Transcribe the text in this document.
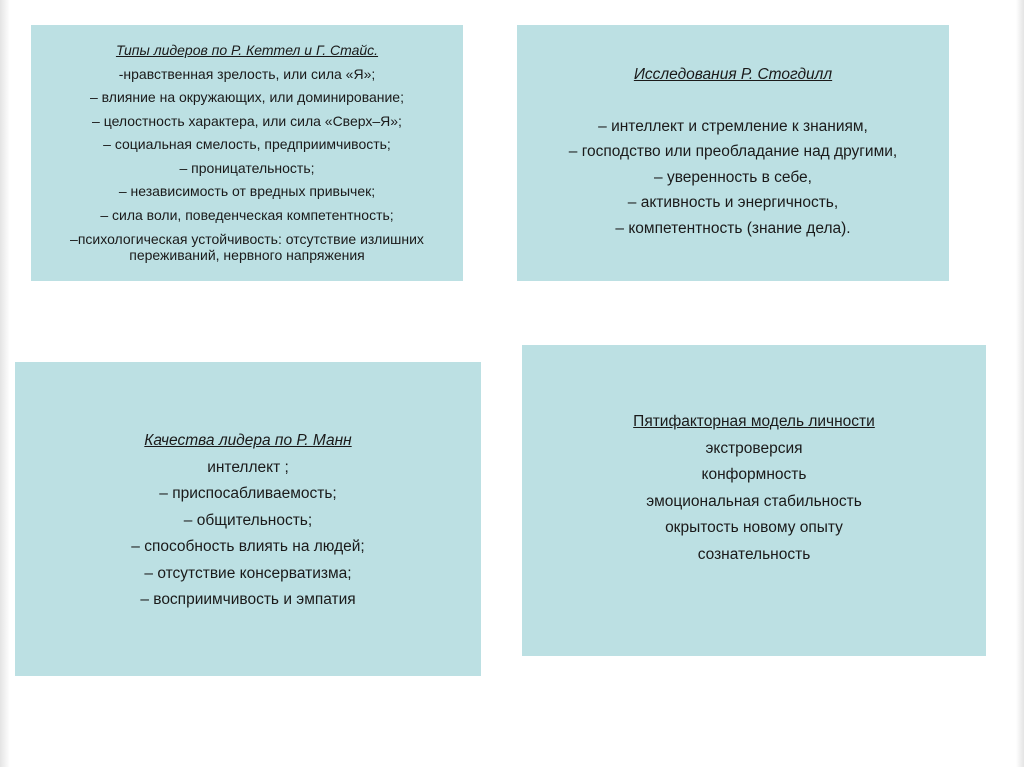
Типы лидеров по Р. Кеттел и Г. Стайс.
-нравственная зрелость, или сила «Я»;
– влияние на окружающих, или доминирование;
– целостность характера, или сила «Сверх–Я»;
– социальная смелость, предприимчивость;
– проницательность;
– независимость от вредных привычек;
– сила воли, поведенческая компетентность;
–психологическая устойчивость: отсутствие излишних переживаний, нервного напряжения
Исследования Р. Стогдилл
– интеллект и стремление к знаниям,
– господство или преобладание над другими,
– уверенность в себе,
– активность и энергичность,
– компетентность (знание дела).
Качества лидера по Р. Манн
интеллект ;
– приспосабливаемость;
– общительность;
– способность влиять на людей;
– отсутствие консерватизма;
– восприимчивость и эмпатия
Пятифакторная модель личности
экстроверсия
конформность
эмоциональная стабильность
окрытость новому опыту
сознательность
